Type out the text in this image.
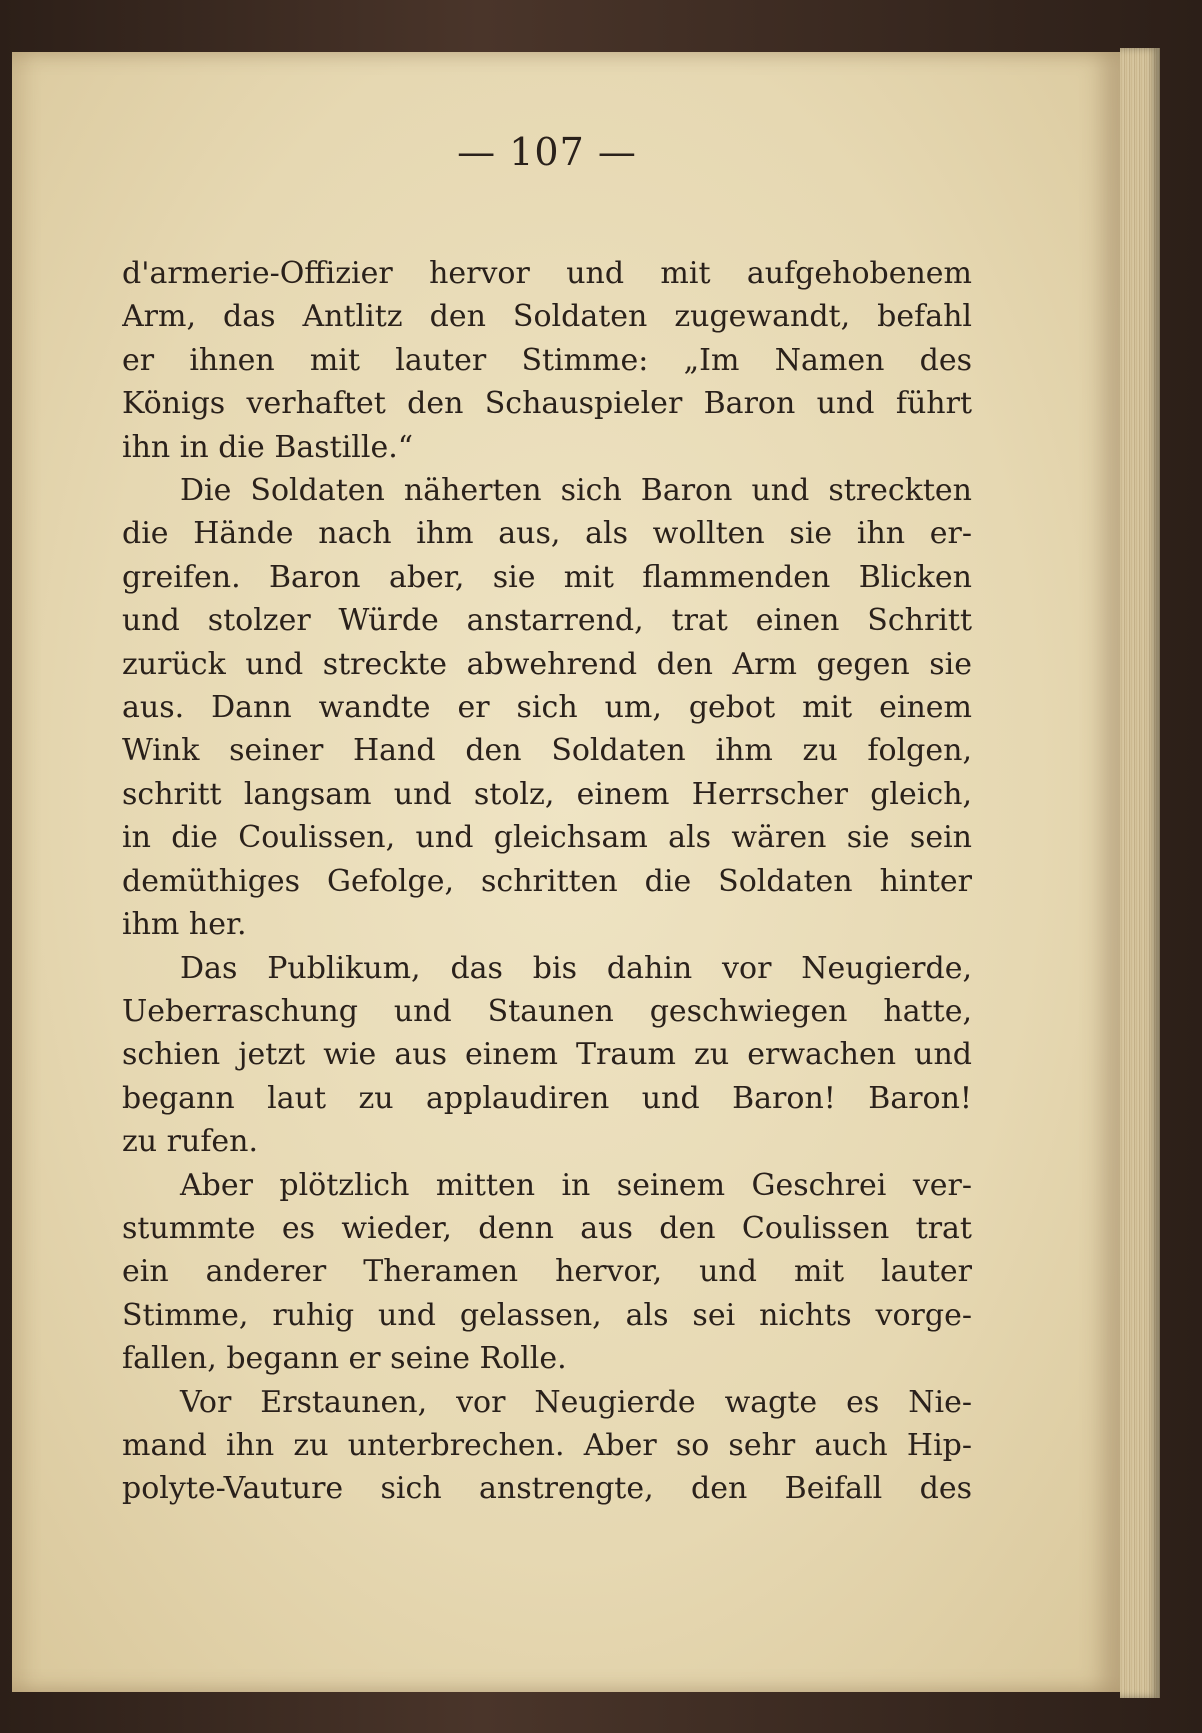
— 107 —
d'armerie-Offizier hervor und mit aufgehobenem
Arm, das Antlitz den Soldaten zugewandt, befahl
er ihnen mit lauter Stimme: „Im Namen des
Königs verhaftet den Schauspieler Baron und führt
ihn in die Bastille.“
Die Soldaten näherten sich Baron und streckten
die Hände nach ihm aus, als wollten sie ihn er-
greifen. Baron aber, sie mit flammenden Blicken
und stolzer Würde anstarrend, trat einen Schritt
zurück und streckte abwehrend den Arm gegen sie
aus. Dann wandte er sich um, gebot mit einem
Wink seiner Hand den Soldaten ihm zu folgen,
schritt langsam und stolz, einem Herrscher gleich,
in die Coulissen, und gleichsam als wären sie sein
demüthiges Gefolge, schritten die Soldaten hinter
ihm her.
Das Publikum, das bis dahin vor Neugierde,
Ueberraschung und Staunen geschwiegen hatte,
schien jetzt wie aus einem Traum zu erwachen und
begann laut zu applaudiren und Baron! Baron!
zu rufen.
Aber plötzlich mitten in seinem Geschrei ver-
stummte es wieder, denn aus den Coulissen trat
ein anderer Theramen hervor, und mit lauter
Stimme, ruhig und gelassen, als sei nichts vorge-
fallen, begann er seine Rolle.
Vor Erstaunen, vor Neugierde wagte es Nie-
mand ihn zu unterbrechen. Aber so sehr auch Hip-
polyte-Vauture sich anstrengte, den Beifall des
